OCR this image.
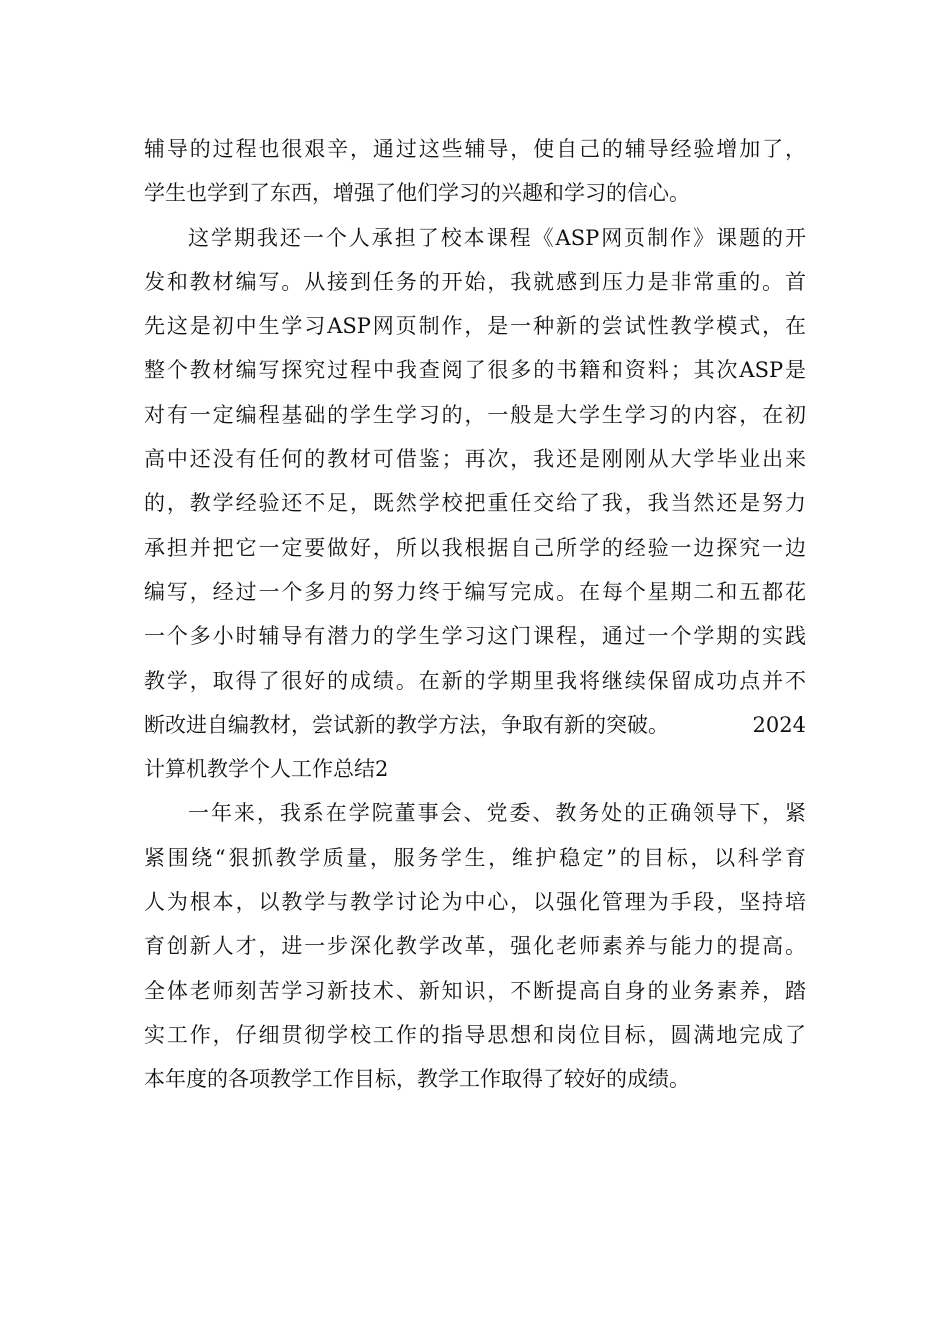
辅导的过程也很艰辛，通过这些辅导，使自己的辅导经验增加了，
学生也学到了东西，增强了他们学习的兴趣和学习的信心。
这学期我还一个人承担了校本课程《ASP网页制作》课题的开
发和教材编写。从接到任务的开始，我就感到压力是非常重的。首
先这是初中生学习ASP网页制作，是一种新的尝试性教学模式，在
整个教材编写探究过程中我查阅了很多的书籍和资料；其次ASP是
对有一定编程基础的学生学习的，一般是大学生学习的内容，在初
高中还没有任何的教材可借鉴；再次，我还是刚刚从大学毕业出来
的，教学经验还不足，既然学校把重任交给了我，我当然还是努力
承担并把它一定要做好，所以我根据自己所学的经验一边探究一边
编写，经过一个多月的努力终于编写完成。在每个星期二和五都花
一个多小时辅导有潜力的学生学习这门课程，通过一个学期的实践
教学，取得了很好的成绩。在新的学期里我将继续保留成功点并不
断改进自编教材，尝试新的教学方法，争取有新的突破。	2024
计算机教学个人工作总结2
一年来，我系在学院董事会、党委、教务处的正确领导下，紧
紧围绕“狠抓教学质量，服务学生，维护稳定”的目标，以科学育
人为根本，以教学与教学讨论为中心，以强化管理为手段，坚持培
育创新人才，进一步深化教学改革，强化老师素养与能力的提高。
全体老师刻苦学习新技术、新知识，不断提高自身的业务素养，踏
实工作，仔细贯彻学校工作的指导思想和岗位目标，圆满地完成了
本年度的各项教学工作目标，教学工作取得了较好的成绩。
